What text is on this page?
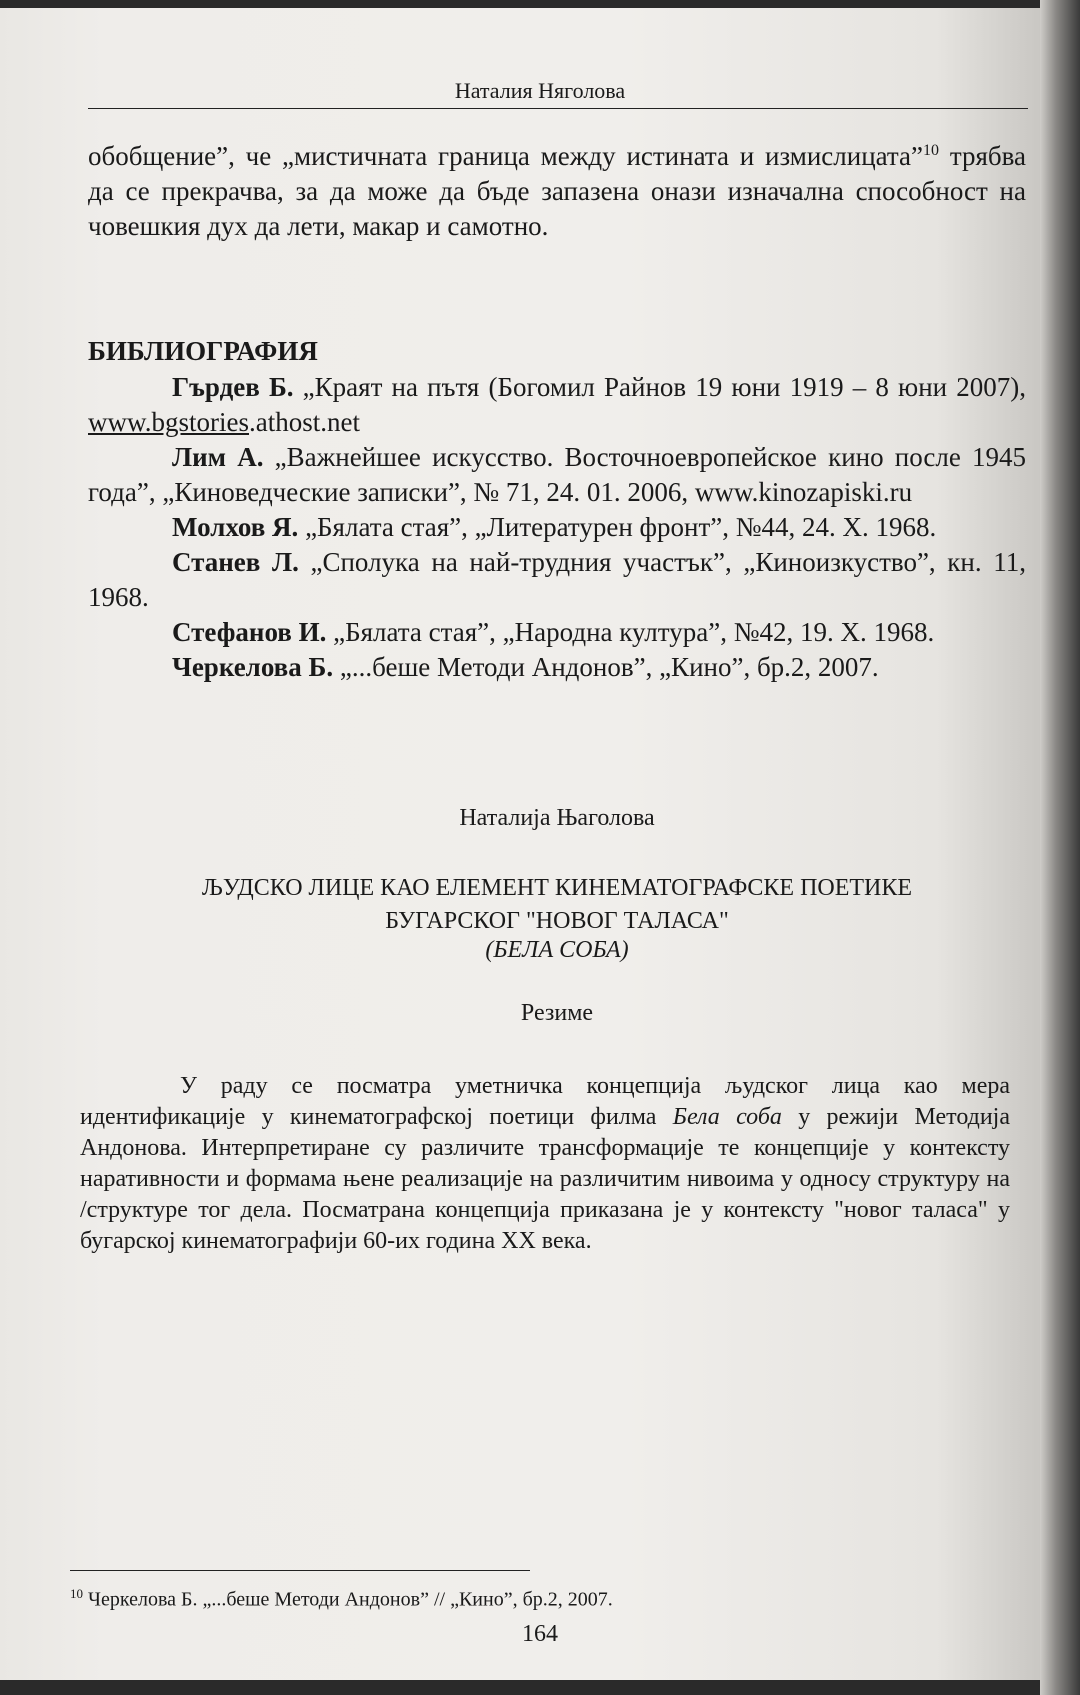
Наталия Няголова

обобщение”, че „мистичната граница между истината и измислицата”$^{10}$ трябва да се прекрачва, за да може да бъде запазена онази изначална способност на човешкия дух да лети, макар и самотно.

БИБЛИОГРАФИЯ

Гърдев Б. „Краят на пътя (Богомил Райнов 19 юни 1919 – 8 юни 2007), www.bgstories.athost.net

Лим А. „Важнейшее искусство. Восточноевропейское кино после 1945 года”, „Киноведческие записки”, № 71, 24. 01. 2006, www.kinozapiski.ru

Молхов Я. „Бялата стая”, „Литературен фронт”, №44, 24. Х. 1968.

Станев Л. „Сполука на най-трудния участък”, „Киноизкуство”, кн. 11, 1968.

Стефанов И. „Бялата стая”, „Народна култура”, №42, 19. Х. 1968.

Черкелова Б. „...беше Методи Андонов”, „Кино”, бр.2, 2007.

Наталија Њаголова
ЉУДСКО ЛИЦЕ КАО ЕЛЕМЕНТ КИНЕМАТОГРАФСКЕ ПОЕТИКЕ
БУГАРСКОГ "НОВОГ ТАЛАСА"
(БЕЛА СОБА)
Резиме

У раду се посматра уметничка концепција људског лица као мера идентификације у кинематографској поетици филма Бела соба у режији Методија Андонова. Интерпретиране су различите трансформације те концепције у контексту наративности и формама њене реализације на различитим нивоима у односу структуру на /структуре тог дела. Посматрана концепција приказана је у контексту "новог таласа" у бугарској кинематографији 60-их година XX века.

$^{10}$ Черкелова Б. „...беше Методи Андонов” // „Кино”, бр.2, 2007.
164
